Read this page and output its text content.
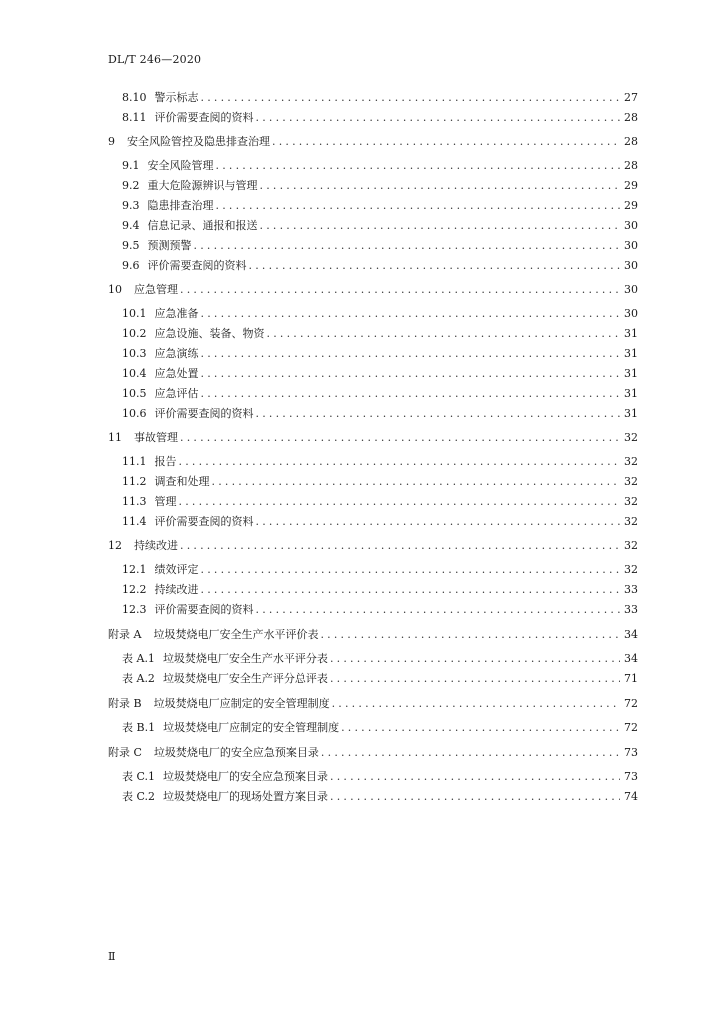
DL/T 246—2020
8.10 警示标志 .....	27
8.11 评价需要查阅的资料 .....	28
9 安全风险管控及隐患排查治理 .....	28
9.1 安全风险管理 .....	28
9.2 重大危险源辨识与管理 .....	29
9.3 隐患排查治理 .....	29
9.4 信息记录、通报和报送 .....	30
9.5 预测预警 .....	30
9.6 评价需要查阅的资料 .....	30
10 应急管理 .....	30
10.1 应急准备 .....	30
10.2 应急设施、装备、物资 .....	31
10.3 应急演练 .....	31
10.4 应急处置 .....	31
10.5 应急评估 .....	31
10.6 评价需要查阅的资料 .....	31
11 事故管理 .....	32
11.1 报告 .....	32
11.2 调查和处理 .....	32
11.3 管理 .....	32
11.4 评价需要查阅的资料 .....	32
12 持续改进 .....	32
12.1 绩效评定 .....	32
12.2 持续改进 .....	33
12.3 评价需要查阅的资料 .....	33
附录 A 垃圾焚烧电厂安全生产水平评价表 .....	34
表 A.1 垃圾焚烧电厂安全生产水平评分表 .....	34
表 A.2 垃圾焚烧电厂安全生产评分总评表 .....	71
附录 B 垃圾焚烧电厂应制定的安全管理制度 .....	72
表 B.1 垃圾焚烧电厂应制定的安全管理制度 .....	72
附录 C 垃圾焚烧电厂的安全应急预案目录 .....	73
表 C.1 垃圾焚烧电厂的安全应急预案目录 .....	73
表 C.2 垃圾焚烧电厂的现场处置方案目录 .....	74
Ⅱ
